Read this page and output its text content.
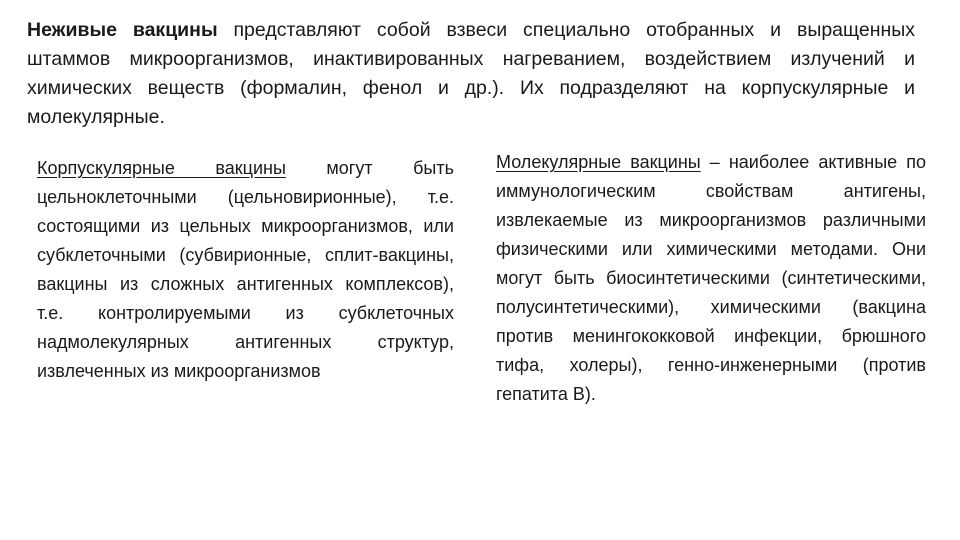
Неживые вакцины представляют собой взвеси специально отобранных и выращенных штаммов микроорганизмов, инактивированных нагреванием, воздействием излучений и химических веществ (формалин, фенол и др.). Их подразделяют на корпускулярные и молекулярные.

Корпускулярные вакцины могут быть цельноклеточными (цельновирионные), т.е. состоящими из цельных микроорганизмов, или субклеточными (субвирионные, сплит-вакцины, вакцины из сложных антигенных комплексов), т.е. контролируемыми из субклеточных надмолекулярных антигенных структур, извлеченных из микроорганизмов

Молекулярные вакцины – наиболее активные по иммунологическим свойствам антигены, извлекаемые из микроорганизмов различными физическими или химическими методами. Они могут быть биосинтетическими (синтетическими, полусинтетическими), химическими (вакцина против менингококковой инфекции, брюшного тифа, холеры), генно-инженерными (против гепатита В).
